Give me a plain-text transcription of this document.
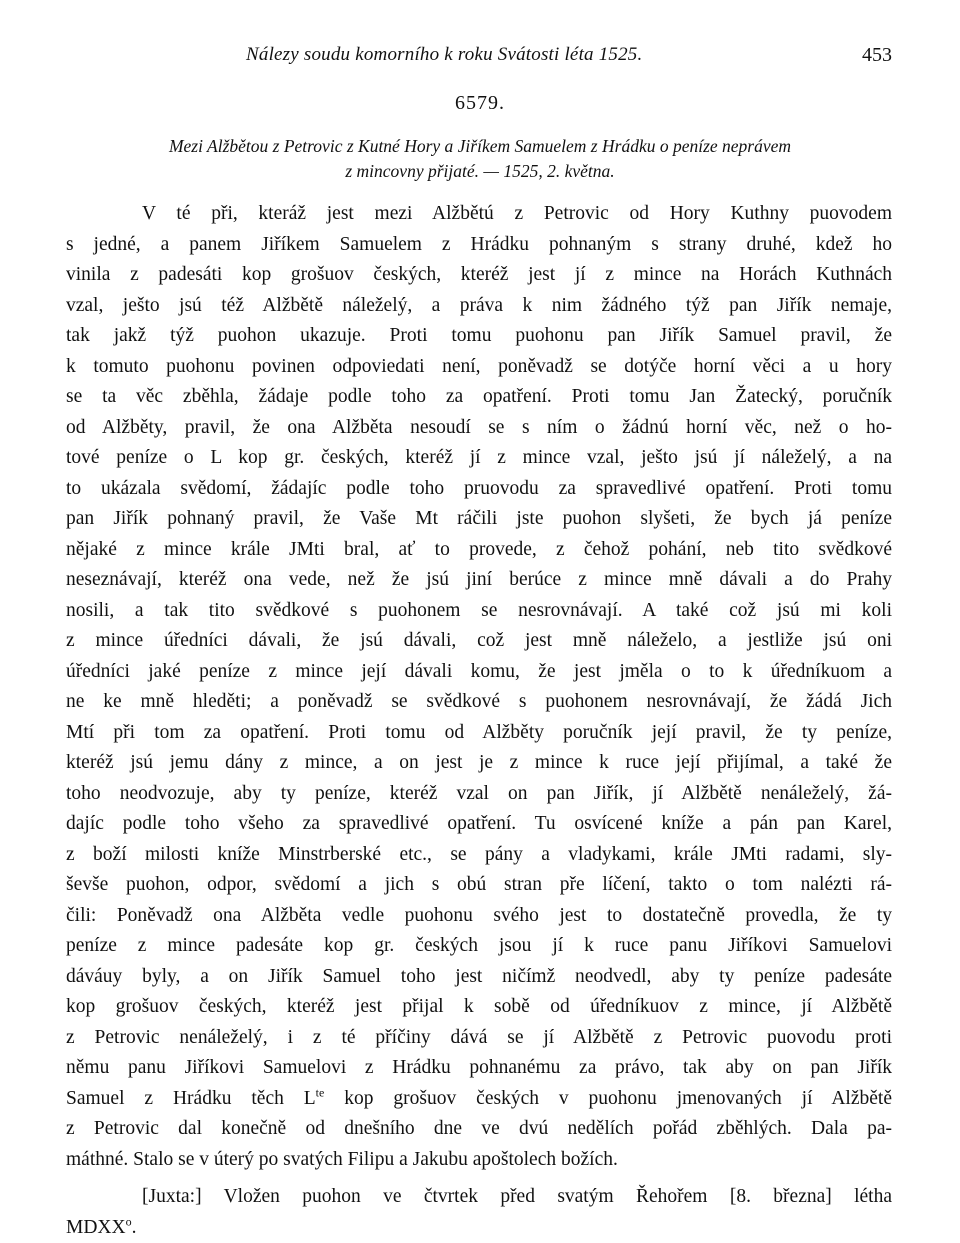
Nálezy soudu komorního k roku Svátosti léta 1525.	453
6579.
Mezi Alžbětou z Petrovic z Kutné Hory a Jiříkem Samuelem z Hrádku o peníze neprávem
z mincovny přijaté. — 1525, 2. května.
V té při, kteráž jest mezi Alžbětú z Petrovic od Hory Kuthny puovodem
s jedné, a panem Jiříkem Samuelem z Hrádku pohnaným s strany druhé, kdež ho
vinila z padesáti kop grošuov českých, kteréž jest jí z mince na Horách Kuthnách
vzal, ješto jsú též Alžbětě náleželý, a práva k nim žádného týž pan Jiřík nemaje,
tak jakž týž puohon ukazuje. Proti tomu puohonu pan Jiřík Samuel pravil, že
k tomuto puohonu povinen odpoviedati není, poněvadž se dotýče horní věci a u hory
se ta věc zběhla, žádaje podle toho za opatření. Proti tomu Jan Žatecký, poručník
od Alžběty, pravil, že ona Alžběta nesoudí se s ním o žádnú horní věc, než o ho-
tové peníze o L kop gr. českých, kteréž jí z mince vzal, ješto jsú jí náleželý, a na
to ukázala svědomí, žádajíc podle toho pruovodu za spravedlivé opatření. Proti tomu
pan Jiřík pohnaný pravil, že Vaše Mt ráčili jste puohon slyšeti, že bych já peníze
nějaké z mince krále JMti bral, ať to provede, z čehož pohání, neb tito svědkové
neseznávají, kteréž ona vede, než že jsú jiní berúce z mince mně dávali a do Prahy
nosili, a tak tito svědkové s puohonem se nesrovnávají. A také což jsú mi koli
z mince úředníci dávali, že jsú dávali, což jest mně náleželo, a jestliže jsú oni
úředníci jaké peníze z mince její dávali komu, že jest jměla o to k úředníkuom a
ne ke mně hleděti; a poněvadž se svědkové s puohonem nesrovnávají, že žádá Jich
Mtí při tom za opatření. Proti tomu od Alžběty poručník její pravil, že ty peníze,
kteréž jsú jemu dány z mince, a on jest je z mince k ruce její přijímal, a také že
toho neodvozuje, aby ty peníze, kteréž vzal on pan Jiřík, jí Alžbětě nenáleželý, žá-
dajíc podle toho všeho za spravedlivé opatření. Tu osvícené kníže a pán pan Karel,
z boží milosti kníže Minstrberské etc., se pány a vladykami, krále JMti radami, sly-
ševše puohon, odpor, svědomí a jich s obú stran pře líčení, takto o tom nalézti rá-
čili: Poněvadž ona Alžběta vedle puohonu svého jest to dostatečně provedla, že ty
peníze z mince padesáte kop gr. českých jsou jí k ruce panu Jiříkovi Samuelovi
dáváuy byly, a on Jiřík Samuel toho jest ničímž neodvedl, aby ty peníze padesáte
kop grošuov českých, kteréž jest přijal k sobě od úředníkuov z mince, jí Alžbětě
z Petrovic nenáleželý, i z té příčiny dává se jí Alžbětě z Petrovic puovodu proti
němu panu Jiříkovi Samuelovi z Hrádku pohnanému za právo, tak aby on pan Jiřík
Samuel z Hrádku těch $L^{te}$ kop grošuov českých v puohonu jmenovaných jí Alžbětě
z Petrovic dal konečně od dnešního dne ve dvú nedělích pořád zběhlých. Dala pa-
máthné. Stalo se v úterý po svatých Filipu a Jakubu apoštolech božích.
[Juxta:] Vložen puohon ve čtvrtek před svatým Řehořem [8. března] létha
MDXX$^o$.
